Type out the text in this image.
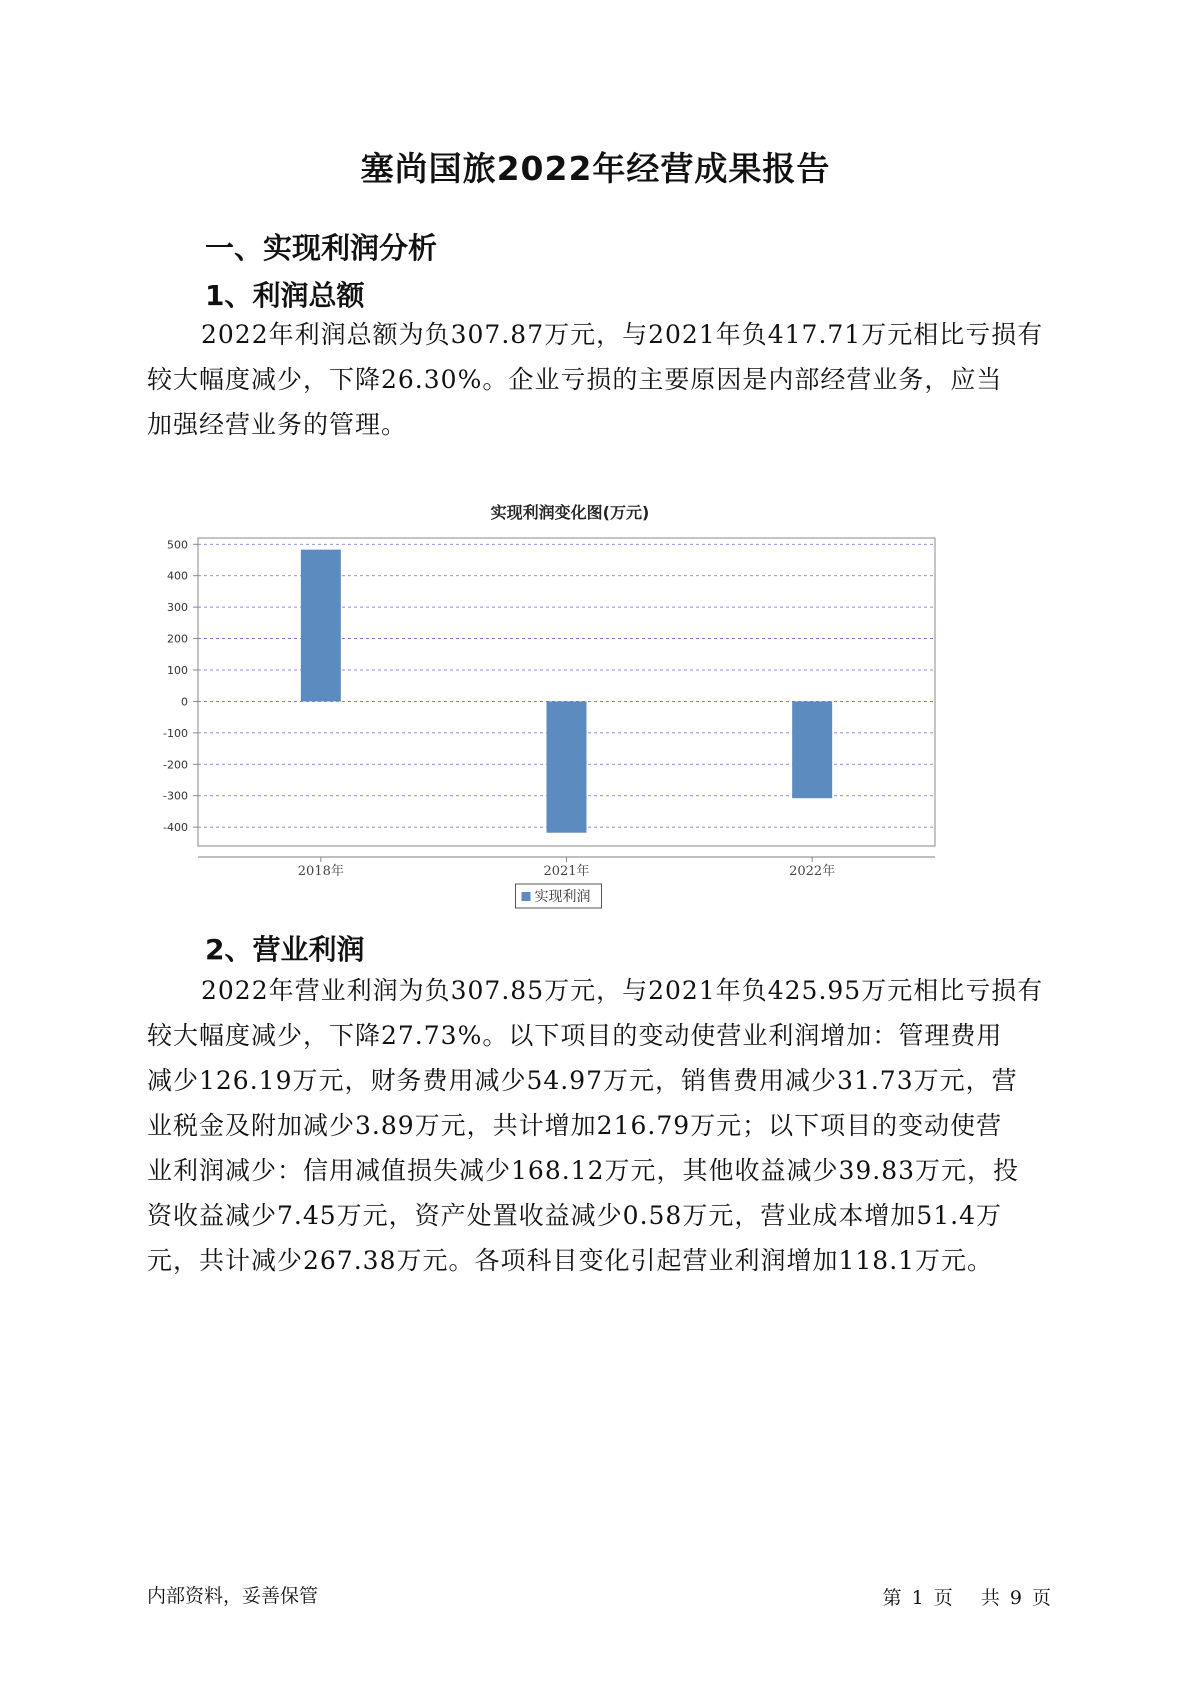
塞尚国旅2022年经营成果报告
一、实现利润分析
1、利润总额
2022年利润总额为负307.87万元，与2021年负417.71万元相比亏损有
较大幅度减少，下降26.30%。企业亏损的主要原因是内部经营业务，应当
加强经营业务的管理。
实现利润变化图(万元)
500
400
300
200
100
0
-100
-200
-300
-400
2018年	2021年	2022年
实现利润
2、营业利润
2022年营业利润为负307.85万元，与2021年负425.95万元相比亏损有
较大幅度减少，下降27.73%。以下项目的变动使营业利润增加：管理费用
减少126.19万元，财务费用减少54.97万元，销售费用减少31.73万元，营
业税金及附加减少3.89万元，共计增加216.79万元；以下项目的变动使营
业利润减少：信用减值损失减少168.12万元，其他收益减少39.83万元，投
资收益减少7.45万元，资产处置收益减少0.58万元，营业成本增加51.4万
元，共计减少267.38万元。各项科目变化引起营业利润增加118.1万元。
内部资料，妥善保管	第 1 页 共 9 页
